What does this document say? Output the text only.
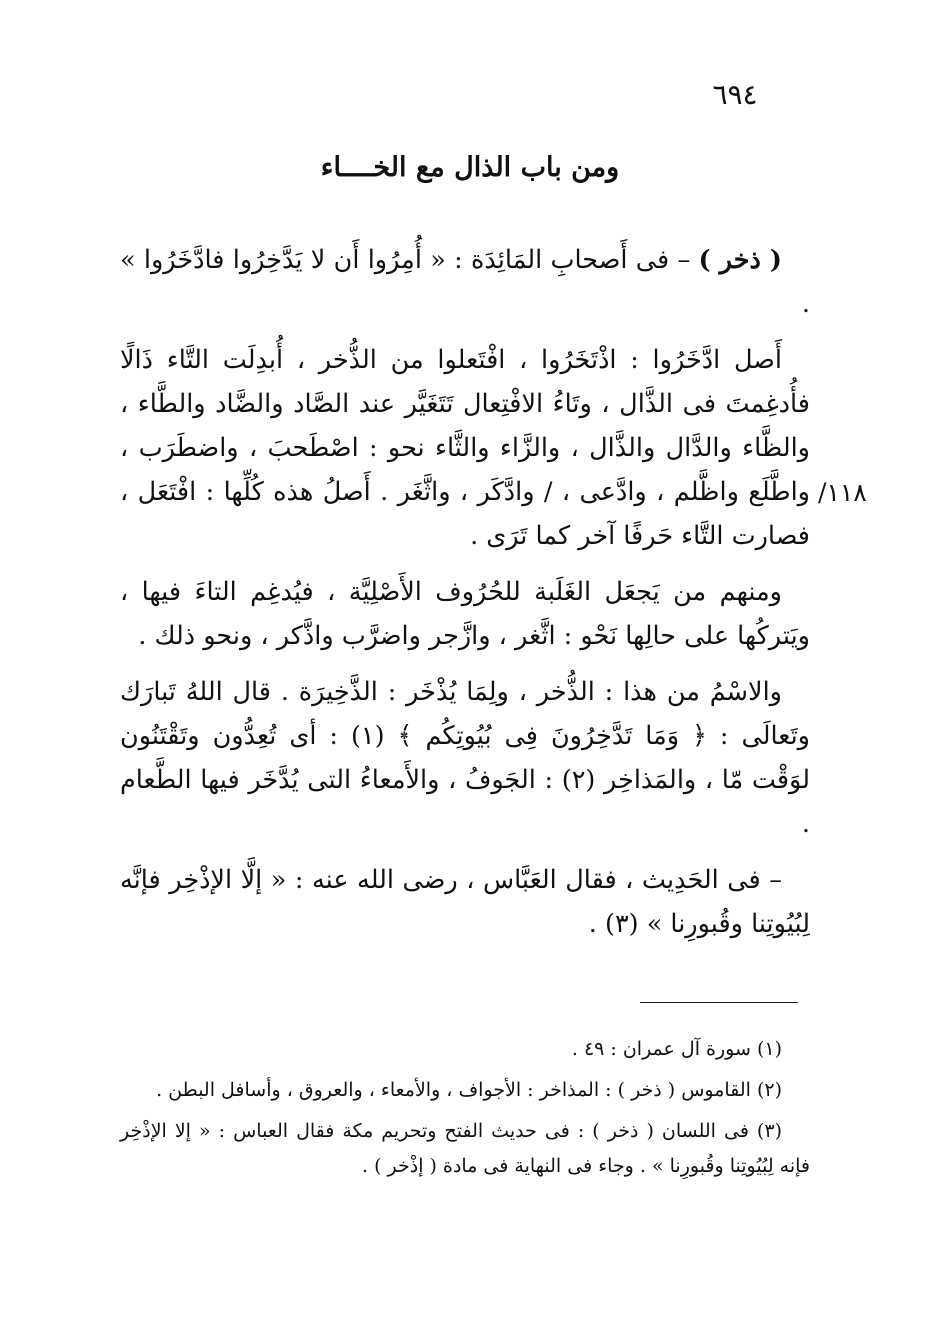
٦٩٤
ومن باب الذال مع الخــــاء
١١٨/

( ذخر ) – فى أَصحابِ المَائِدَة : « أُمِرُوا أَن لا يَدَّخِرُوا فادَّخَرُوا » .

أَصل ادَّخَرُوا : اذْتَخَرُوا ، افْتَعلوا من الذُّخر ، أُبدِلَت التَّاء ذَالًا فأُدغِمتَ فى الذَّال ، وتَاءُ الافْتِعال تَتَغَيَّر عند الصَّاد والضَّاد والطَّاء ، والظَّاء والدَّال والذَّال ، والزَّاء والثَّاء نحو : اصْطَحبَ ، واضطَرَب ، واطَّلَع واظَّلم ، وادَّعى ، / وادَّكَر ، واثَّغَر . أَصلُ هذه كُلِّها : افْتَعَل ، فصارت التَّاء حَرفًا آخر كما تَرَى .

ومنهم من يَجعَل الغَلَبة للحُرُوف الأَصْلِيَّة ، فيُدغِم التاءَ فيها ، ويَتركُها على حالِها نَحْو : اثَّغر ، وازَّجر واضرَّب واذَّكر ، ونحو ذلك .

والاسْمُ من هذا : الذُّخر ، ولِمَا يُذْخَر : الذَّخِيرَة . قال اللهُ تَبارَك وتَعالَى : ﴿ وَمَا تَدَّخِرُونَ فِى بُيُوتِكُم ﴾ (١) : أى تُعِدُّون وتَقْتَنُون لوَقْت مّا ، والمَذاخِر (٢) : الجَوفُ ، والأَمعاءُ التى يُدَّخَر فيها الطَّعام .

– فى الحَدِيث ، فقال العَبَّاس ، رضى الله عنه : « إلَّا الإذْخِر فإنَّه لِبُيُوتِنا وقُبورِنا » (٣) .

(١) سورة آل عمران : ٤٩ .

(٢) القاموس ( ذخر ) : المذاخر : الأجواف ، والأمعاء ، والعروق ، وأسافل البطن .

(٣) فى اللسان ( ذخر ) : فى حديث الفتح وتحريم مكة فقال العباس : « إلا الإذْخِر فإنه لِبُيُوتِنا وقُبورِنا » . وجاء فى النهاية فى مادة ( إذْخر ) .
